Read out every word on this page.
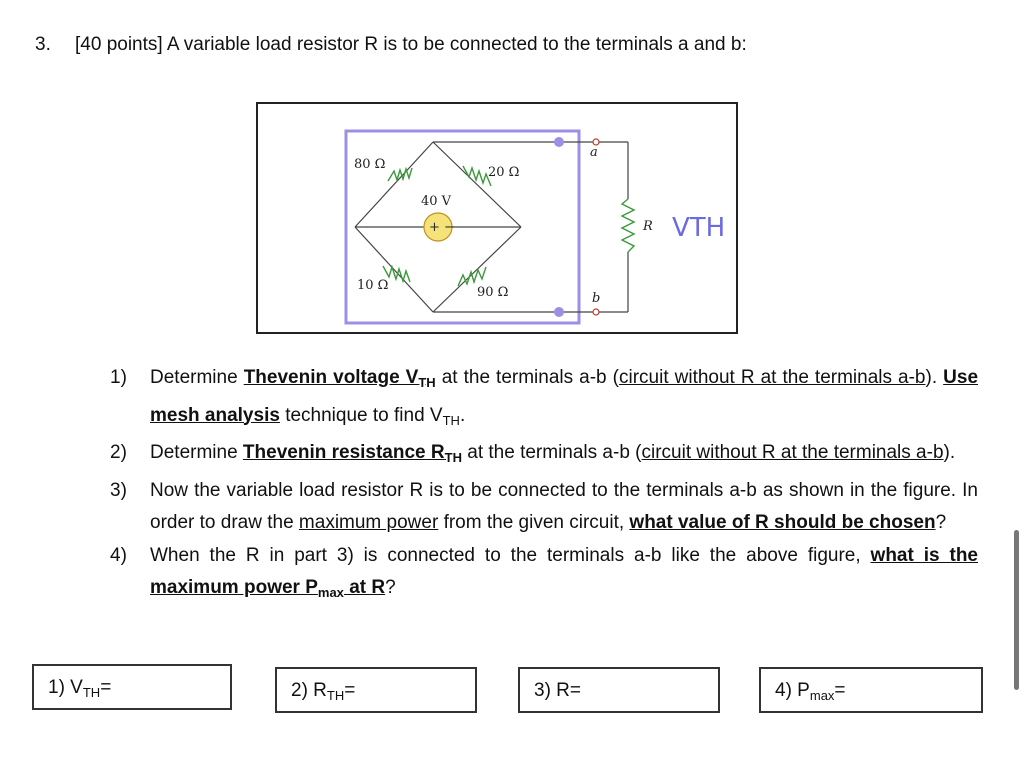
3. [40 points] A variable load resistor R is to be connected to the terminals a and b:
80 Ω
20 Ω
40 V
+ −
10 Ω	90 Ω
a
b
R VTH
1) Determine Thevenin voltage $V_{TH}$ at the terminals a-b (circuit without R at the terminals a-b). Use mesh analysis technique to find $V_{TH}$.
2) Determine Thevenin resistance $R_{TH}$ at the terminals a-b (circuit without R at the terminals a-b).
3) Now the variable load resistor R is to be connected to the terminals a-b as shown in the figure. In order to draw the maximum power from the given circuit, what value of R should be chosen?
4) When the R in part 3) is connected to the terminals a-b like the above figure, what is the maximum power $P_{max}$ at R?
1) $V_{TH}=$	2) $R_{TH}=$	3) R=	4) $P_{max}=$
